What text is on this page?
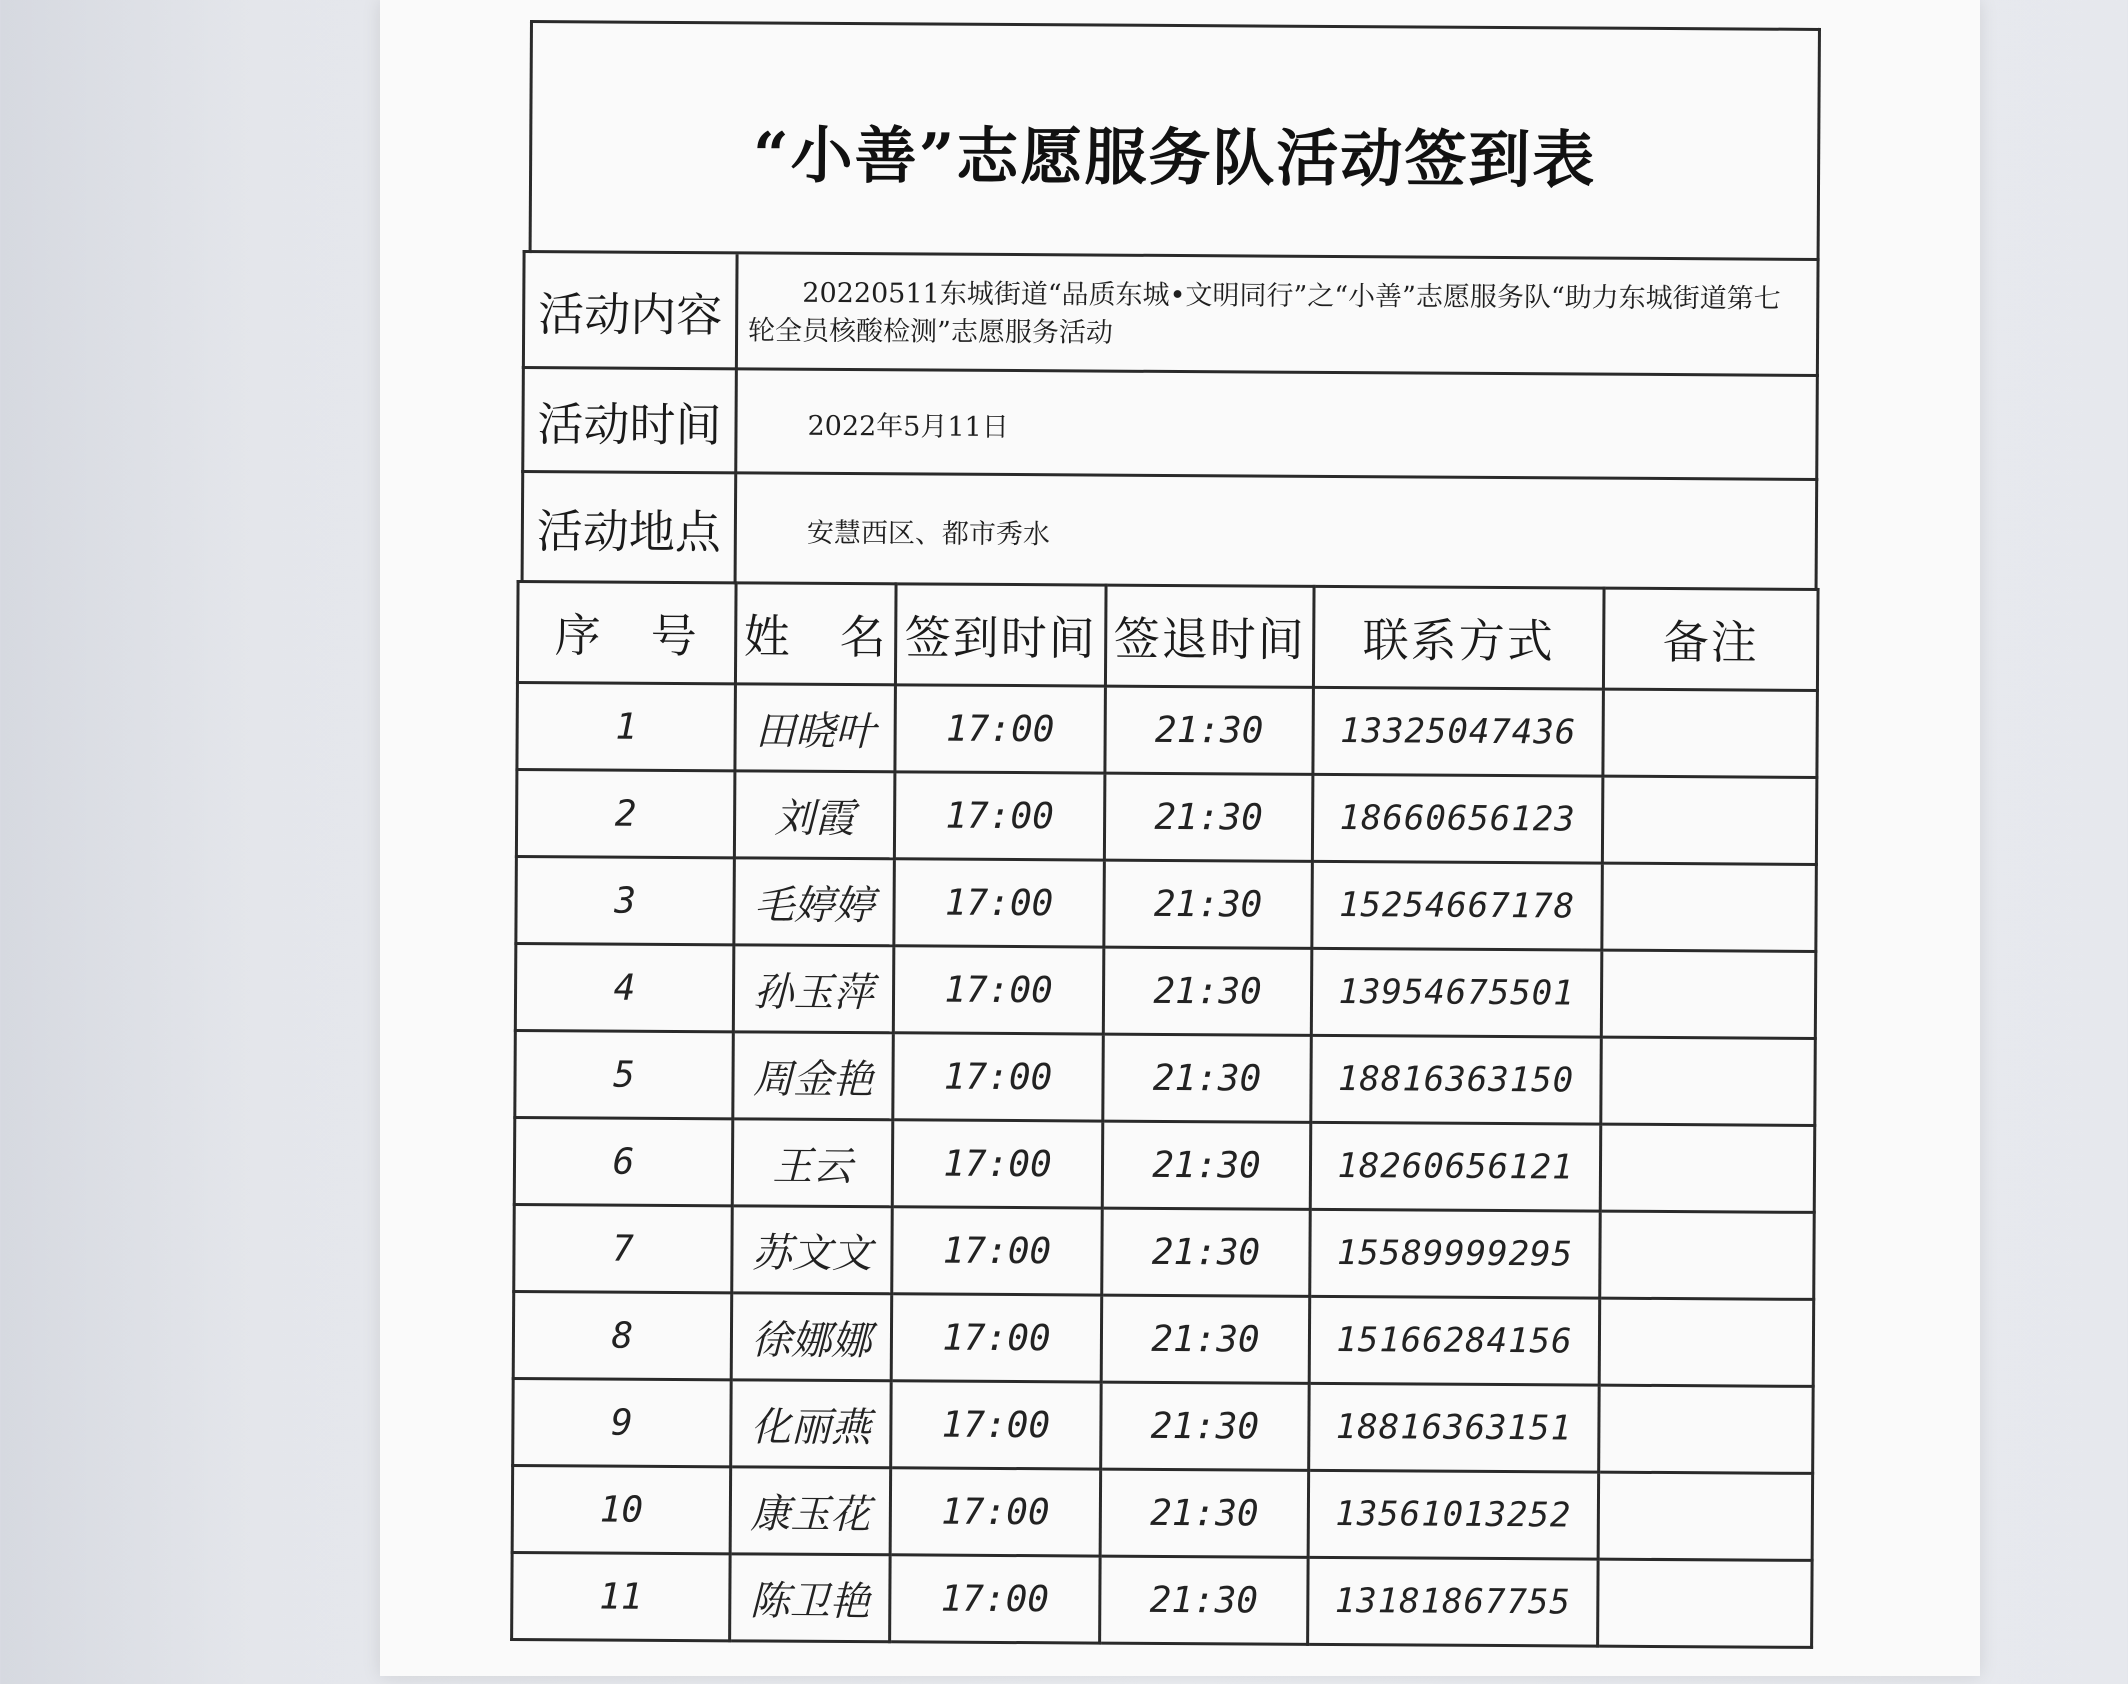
“小善”志愿服务队活动签到表
活动内容	20220511东城街道“品质东城•文明同行”之“小善”志愿服务队“助力东城街道第七轮全员核酸检测”志愿服务活动
活动时间	2022年5月11日
活动地点	安慧西区、都市秀水
序　号	姓　名	签到时间	签退时间	联系方式	备注
1	田晓叶	17:00	21:30	13325047436	
2	刘霞	17:00	21:30	18660656123	
3	毛婷婷	17:00	21:30	15254667178	
4	孙玉萍	17:00	21:30	13954675501	
5	周金艳	17:00	21:30	18816363150	
6	王云	17:00	21:30	18260656121	
7	苏文文	17:00	21:30	15589999295	
8	徐娜娜	17:00	21:30	15166284156	
9	化丽燕	17:00	21:30	18816363151	
10	康玉花	17:00	21:30	13561013252	
11	陈卫艳	17:00	21:30	13181867755	
